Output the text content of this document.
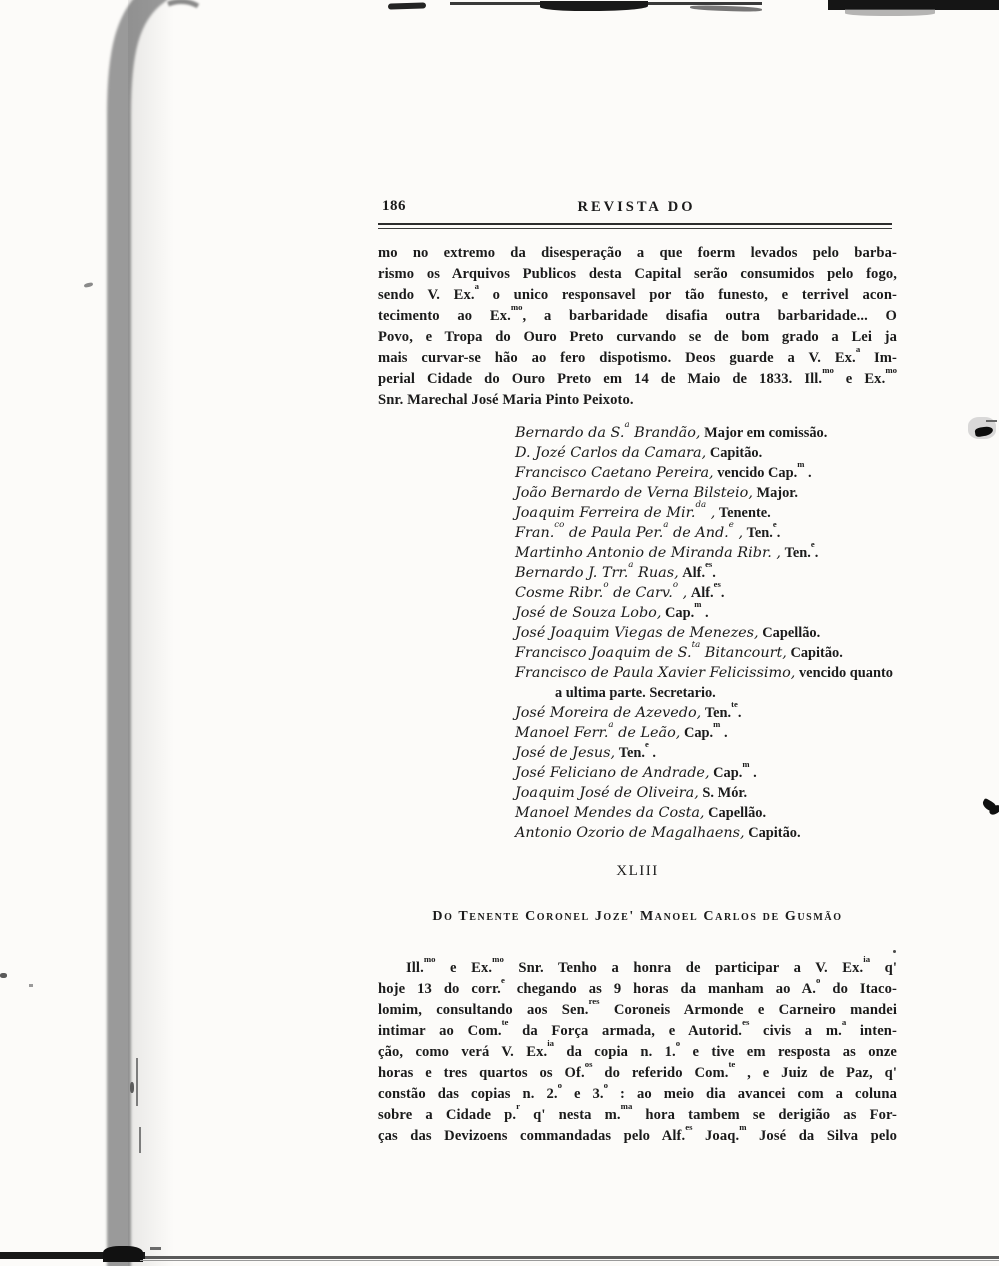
186	REVISTA DO
mo no extremo da disesperação a que foerm levados pelo barba-
rismo os Arquivos Publicos desta Capital serão consumidos pelo fogo,
sendo V. Ex.$^a$ o unico responsavel por tão funesto, e terrivel acon-
tecimento ao Ex.$^{mo}$, a barbaridade disafia outra barbaridade... O
Povo, e Tropa do Ouro Preto curvando se de bom grado a Lei ja
mais curvar-se hão ao fero dispotismo. Deos guarde a V. Ex.$^a$ Im-
perial Cidade do Ouro Preto em 14 de Maio de 1833. Ill.$^{mo}$ e Ex.$^{mo}$
Snr. Marechal José Maria Pinto Peixoto.
Bernardo da S.$^a$ Brandão, Major em comissão.
D. Jozé Carlos da Camara, Capitão.
Francisco Caetano Pereira, vencido Cap.$^m$ .
João Bernardo de Verna Bilsteio, Major.
Joaquim Ferreira de Mir.$^{da}$ , Tenente.
Fran.$^{co}$ de Paula Per.$^a$ de And.$^e$ , Ten.$^e$.
Martinho Antonio de Miranda Ribr. , Ten.$^e$.
Bernardo J. Trr.$^a$ Ruas, Alf.$^{es}$.
Cosme Ribr.$^o$ de Carv.$^o$ , Alf.$^{es}$.
José de Souza Lobo, Cap.$^m$ .
José Joaquim Viegas de Menezes, Capellão.
Francisco Joaquim de S.$^{ta}$ Bitancourt, Capitão.
Francisco de Paula Xavier Felicissimo, vencido quanto a ultima parte. Secretario.
José Moreira de Azevedo, Ten.$^{te}$.
Manoel Ferr.$^a$ de Leão, Cap.$^m$ .
José de Jesus, Ten.$^e$ .
José Feliciano de Andrade, Cap.$^m$ .
Joaquim José de Oliveira, S. Mór.
Manoel Mendes da Costa, Capellão.
Antonio Ozorio de Magalhaens, Capitão.
XLIII
Do Tenente Coronel Joze' Manoel Carlos de Gusmão
Ill.$^{mo}$ e Ex.$^{mo}$ Snr. Tenho a honra de participar a V. Ex.$^{ia}$ q'
hoje 13 do corr.$^e$ chegando as 9 horas da manham ao A.$^o$ do Itaco-
lomim, consultando aos Sen.$^{res}$ Coroneis Armonde e Carneiro mandei
intimar ao Com.$^{te}$ da Força armada, e Autorid.$^{es}$ civis a m.$^a$ inten-
ção, como verá V. Ex.$^{ia}$ da copia n. 1.$^o$ e tive em resposta as onze
horas e tres quartos os Of.$^{os}$ do referido Com.$^{te}$ , e Juiz de Paz, q'
constão das copias n. 2.$^o$ e 3.$^o$ : ao meio dia avancei com a coluna
sobre a Cidade p.$^r$ q' nesta m.$^{ma}$ hora tambem se derigião as For-
ças das Devizoens commandadas pelo Alf.$^{es}$ Joaq.$^m$ José da Silva pelo
